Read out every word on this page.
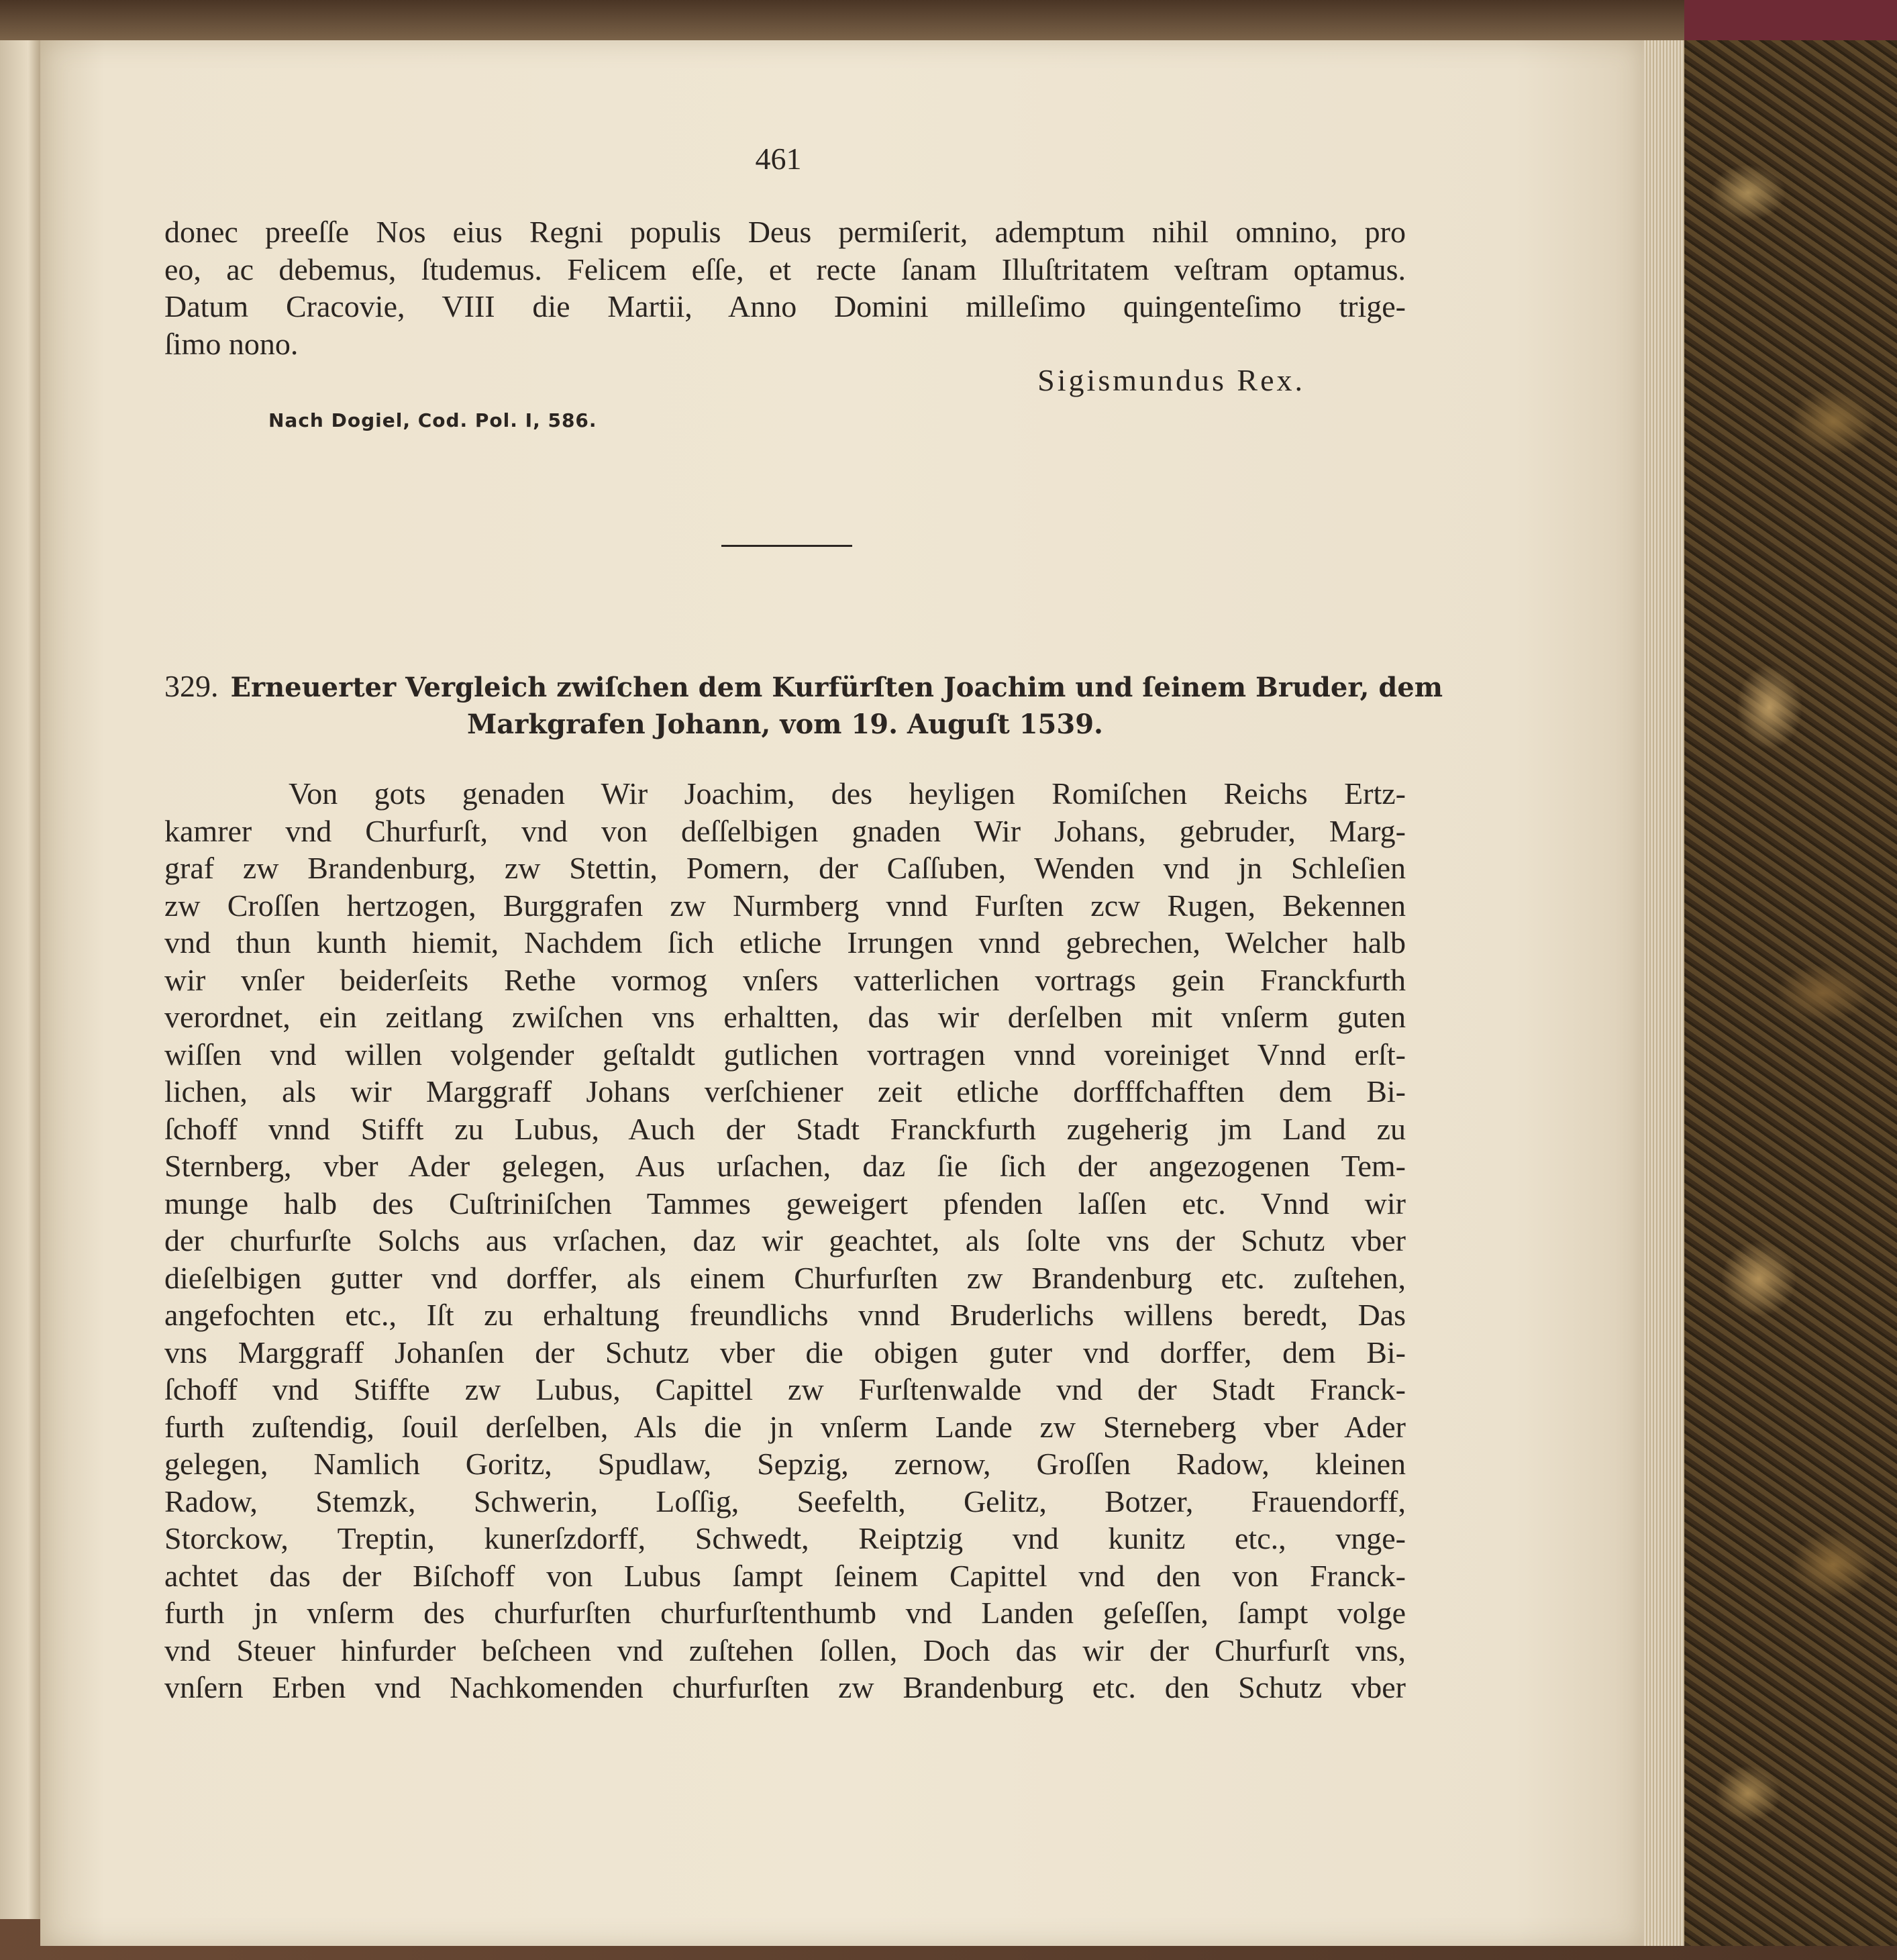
461
donec preeſſe Nos eius Regni populis Deus permiſerit, ademptum nihil omnino, pro
eo, ac debemus, ſtudemus. Felicem eſſe, et recte ſanam Illuſtritatem veſtram optamus.
Datum Cracovie, VIII die Martii, Anno Domini milleſimo quingenteſimo trige-
ſimo nono.
Sigismundus Rex.
Nach Dogiel, Cod. Pol. I, 586.
329. Erneuerter Vergleich zwiſchen dem Kurfürſten Joachim und ſeinem Bruder, dem
Markgrafen Johann, vom 19. Auguſt 1539.
Von gots genaden Wir Joachim, des heyligen Romiſchen Reichs Ertz-
kamrer vnd Churfurſt, vnd von deſſelbigen gnaden Wir Johans, gebruder, Marg-
graf zw Brandenburg, zw Stettin, Pomern, der Caſſuben, Wenden vnd jn Schleſien
zw Croſſen hertzogen, Burggrafen zw Nurmberg vnnd Furſten zcw Rugen, Bekennen
vnd thun kunth hiemit, Nachdem ſich etliche Irrungen vnnd gebrechen, Welcher halb
wir vnſer beiderſeits Rethe vormog vnſers vatterlichen vortrags gein Franckfurth
verordnet, ein zeitlang zwiſchen vns erhaltten, das wir derſelben mit vnſerm guten
wiſſen vnd willen volgender geſtaldt gutlichen vortragen vnnd voreiniget Vnnd erſt-
lichen, als wir Marggraff Johans verſchiener zeit etliche dorfffchafften dem Bi-
ſchoff vnnd Stifft zu Lubus, Auch der Stadt Franckfurth zugeherig jm Land zu
Sternberg, vber Ader gelegen, Aus urſachen, daz ſie ſich der angezogenen Tem-
munge halb des Cuſtriniſchen Tammes geweigert pfenden laſſen etc. Vnnd wir
der churfurſte Solchs aus vrſachen, daz wir geachtet, als ſolte vns der Schutz vber
dieſelbigen gutter vnd dorffer, als einem Churfurſten zw Brandenburg etc. zuſtehen,
angefochten etc., Iſt zu erhaltung freundlichs vnnd Bruderlichs willens beredt, Das
vns Marggraff Johanſen der Schutz vber die obigen guter vnd dorffer, dem Bi-
ſchoff vnd Stiffte zw Lubus, Capittel zw Furſtenwalde vnd der Stadt Franck-
furth zuſtendig, ſouil derſelben, Als die jn vnſerm Lande zw Sterneberg vber Ader
gelegen, Namlich Goritz, Spudlaw, Sepzig, zernow, Groſſen Radow, kleinen
Radow, Stemzk, Schwerin, Loſſig, Seefelth, Gelitz, Botzer, Frauendorff,
Storckow, Treptin, kunerſzdorff, Schwedt, Reiptzig vnd kunitz etc., vnge-
achtet das der Biſchoff von Lubus ſampt ſeinem Capittel vnd den von Franck-
furth jn vnſerm des churfurſten churfurſtenthumb vnd Landen geſeſſen, ſampt volge
vnd Steuer hinfurder beſcheen vnd zuſtehen ſollen, Doch das wir der Churfurſt vns,
vnſern Erben vnd Nachkomenden churfurſten zw Brandenburg etc. den Schutz vber
